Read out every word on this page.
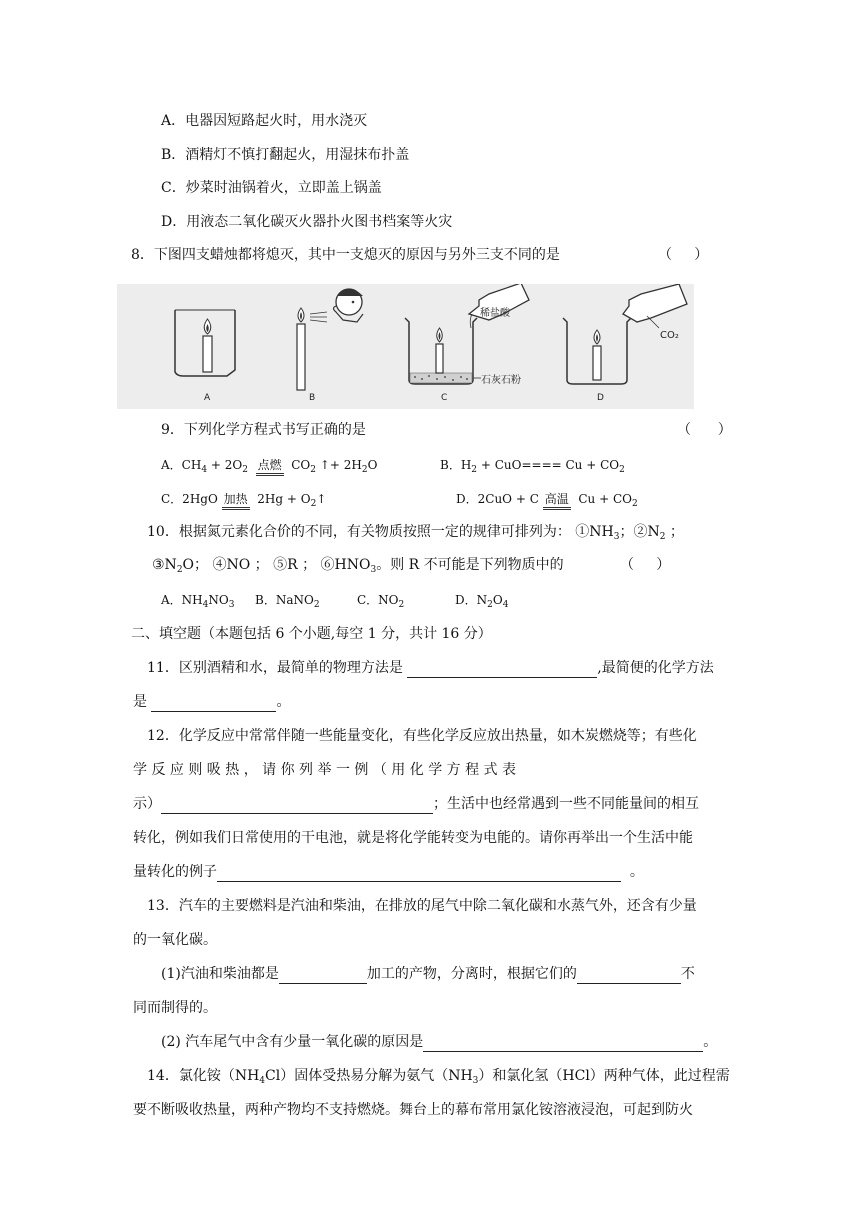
A．电器因短路起火时，用水浇灭
B．酒精灯不慎打翻起火，用湿抹布扑盖
C．炒菜时油锅着火，立即盖上锅盖
D．用液态二氧化碳灭火器扑火图书档案等火灾
8．下图四支蜡烛都将熄灭，其中一支熄灭的原因与另外三支不同的是	（     ）
稀盐酸
石灰石粉
CO₂
A	B	C	D
9．下列化学方程式书写正确的是	（      ）
A．$CH_4 + 2O_2$ 点燃 $CO_2$ ↑+ $2H_2O$	B．$H_2 + CuO==== Cu + CO_2$
C．2HgO 加热 $2Hg + O_2↑$	D．2CuO + C 高温 $Cu + CO_2$
10．根据氮元素化合价的不同，有关物质按照一定的规律可排列为： $①NH_3$；$②N_2$ ；
$③N_2O$； ④NO ； ⑤R ； $⑥HNO_3$。则 R 不可能是下列物质中的	（     ）
A．$NH_4NO_3$ B．NaNO$_2$	C．$NO_2$	D．$N_2O_4$
二、填空题（本题包括 6 个小题,每空 1 分，共计 16 分）
11．区别酒精和水，最简单的物理方法是	,最简便的化学方法
是	。
12．化学反应中常常伴随一些能量变化，有些化学反应放出热量，如木炭燃烧等；有些化
学 反 应 则 吸 热 ， 请 你 列 举 一 例 （ 用 化 学 方 程 式 表
示）	；生活中也经常遇到一些不同能量间的相互
转化，例如我们日常使用的干电池，就是将化学能转变为电能的。请你再举出一个生活中能
量转化的例子	。
13．汽车的主要燃料是汽油和柴油，在排放的尾气中除二氧化碳和水蒸气外，还含有少量
的一氧化碳。
(1)汽油和柴油都是	加工的产物，分离时，根据它们的	不
同而制得的。
(2) 汽车尾气中含有少量一氧化碳的原因是	。
14．氯化铵$(NH_4Cl)$固体受热易分解为氨气$(NH_3)$和氯化氢（HCl）两种气体，此过程需
要不断吸收热量，两种产物均不支持燃烧。舞台上的幕布常用氯化铵溶液浸泡，可起到防火
